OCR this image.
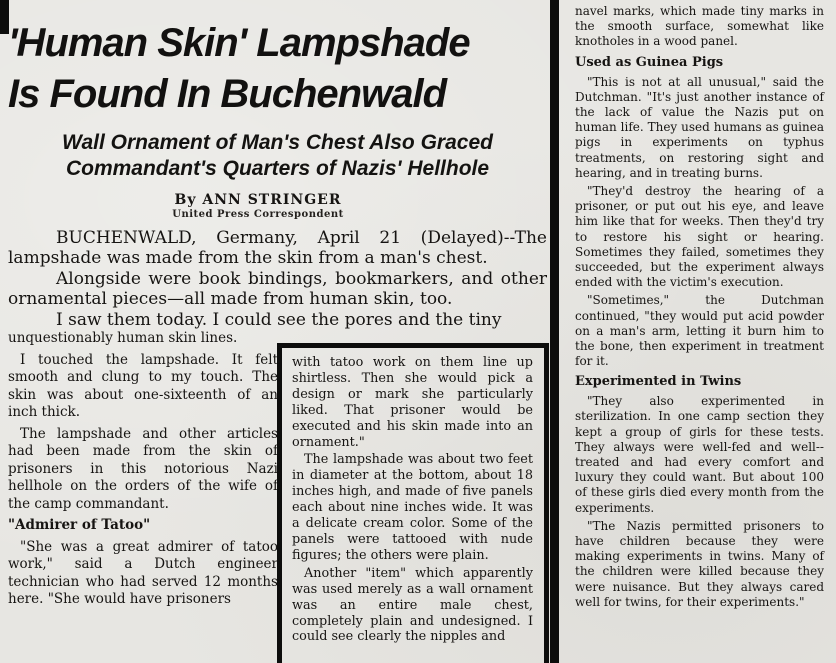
'Human Skin' Lampshade
Is Found In Buchenwald
Wall Ornament of Man's Chest Also Graced
Commandant's Quarters of Nazis' Hellhole
By ANN STRINGER
United Press Correspondent

BUCHENWALD, Germany, April 21 (Delayed)--The lampshade was made from the skin from a man's chest.

Alongside were book bindings, bookmarkers, and other ornamental pieces—all made from human skin, too.

I saw them today. I could see the pores and the tiny

unquestionably human skin lines.

I touched the lampshade. It felt smooth and clung to my touch. The skin was about one-sixteenth of an inch thick.

The lampshade and other articles had been made from the skin of prisoners in this notorious Nazi hellhole on the orders of the wife of the camp commandant.

"Admirer of Tatoo"

"She was a great admirer of tatoo work," said a Dutch engineer technician who had served 12 months here. "She would have prisoners

with tatoo work on them line up shirtless. Then she would pick a design or mark she particularly liked. That prisoner would be executed and his skin made into an ornament."

The lampshade was about two feet in diameter at the bottom, about 18 inches high, and made of five panels each about nine inches wide. It was a delicate cream color. Some of the panels were tattooed with nude figures; the others were plain.

Another "item" which apparently was used merely as a wall ornament was an entire male chest, completely plain and undesigned. I could see clearly the nipples and

navel marks, which made tiny marks in the smooth surface, somewhat like knotholes in a wood panel.

Used as Guinea Pigs

"This is not at all unusual," said the Dutchman. "It's just another instance of the lack of value the Nazis put on human life. They used humans as guinea pigs in experiments on typhus treatments, on restoring sight and hearing, and in treating burns.

"They'd destroy the hearing of a prisoner, or put out his eye, and leave him like that for weeks. Then they'd try to restore his sight or hearing. Sometimes they failed, sometimes they succeeded, but the experiment always ended with the victim's execution.

"Sometimes," the Dutchman continued, "they would put acid powder on a man's arm, letting it burn him to the bone, then experiment in treatment for it.

Experimented in Twins

"They also experimented in sterilization. In one camp section they kept a group of girls for these tests. They always were well-fed and well--treated and had every comfort and luxury they could want. But about 100 of these girls died every month from the experiments.

"The Nazis permitted prisoners to have children because they were making experiments in twins. Many of the children were killed because they were nuisance. But they always cared well for twins, for their experiments."
